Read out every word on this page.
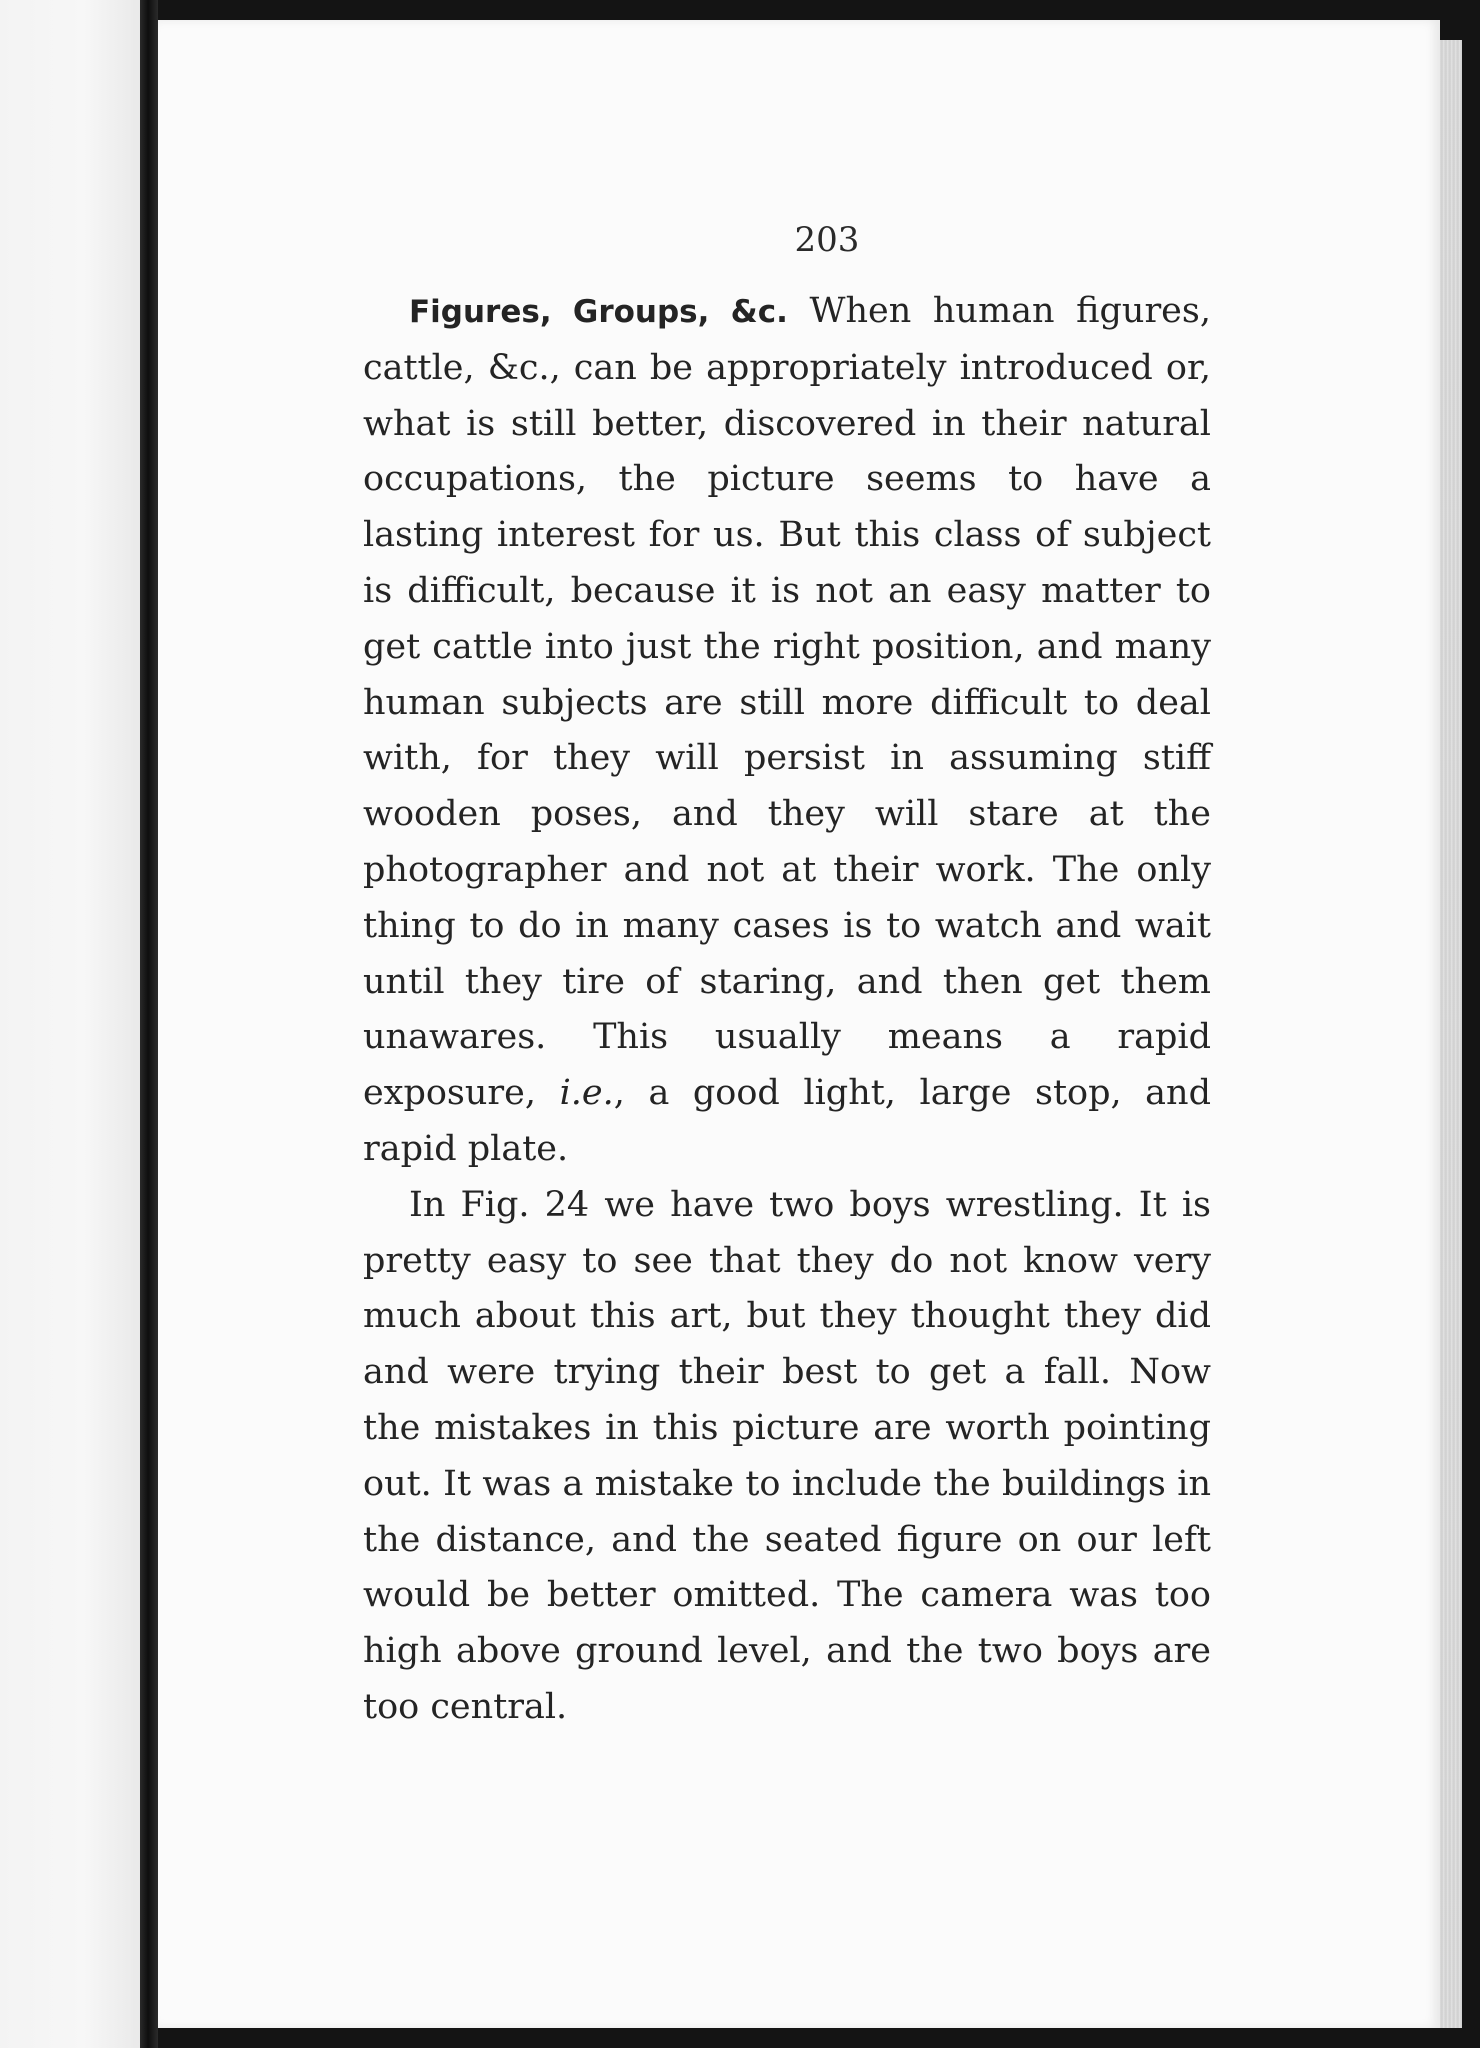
203

Figures, Groups, &c. When human figures, cattle, &c., can be appropriately introduced or, what is still better, discovered in their natural occupations, the picture seems to have a lasting interest for us. But this class of subject is difficult, because it is not an easy matter to get cattle into just the right position, and many human subjects are still more difficult to deal with, for they will persist in assuming stiff wooden poses, and they will stare at the photographer and not at their work. The only thing to do in many cases is to watch and wait until they tire of staring, and then get them unawares. This usually means a rapid exposure, i.e., a good light, large stop, and rapid plate.

In Fig. 24 we have two boys wrestling. It is pretty easy to see that they do not know very much about this art, but they thought they did and were trying their best to get a fall. Now the mistakes in this picture are worth pointing out. It was a mistake to include the buildings in the distance, and the seated figure on our left would be better omitted. The camera was too high above ground level, and the two boys are too central.
